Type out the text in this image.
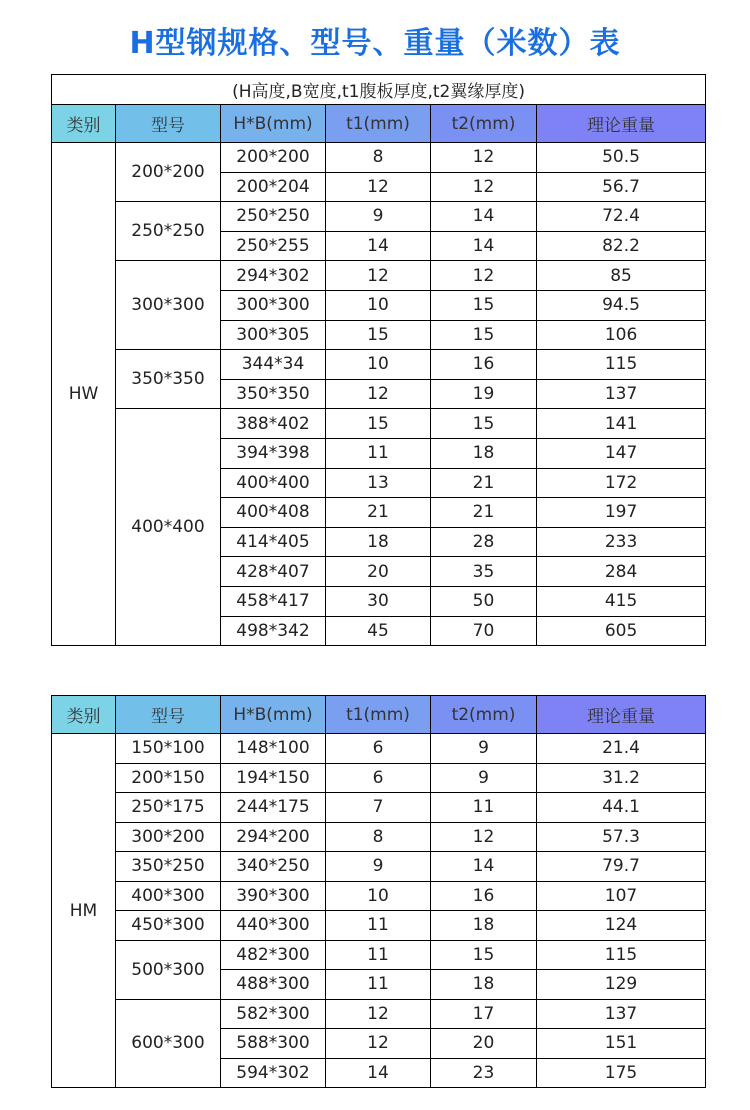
H型钢规格、型号、重量（米数）表
(H高度,B宽度,t1腹板厚度,t2翼缘厚度)					
类别	型号	H*B(mm)	t1(mm)	t2(mm)	理论重量
HW	200*200	200*200	8	12	50.5
		200*204	12	12	56.7
	250*250	250*250	9	14	72.4
		250*255	14	14	82.2
	300*300	294*302	12	12	85
		300*300	10	15	94.5
		300*305	15	15	106
	350*350	344*34	10	16	115
		350*350	12	19	137
	400*400	388*402	15	15	141
		394*398	11	18	147
		400*400	13	21	172
		400*408	21	21	197
		414*405	18	28	233
		428*407	20	35	284
		458*417	30	50	415
		498*342	45	70	605
类别	型号	H*B(mm)	t1(mm)	t2(mm)	理论重量
HM	150*100	148*100	6	9	21.4
	200*150	194*150	6	9	31.2
	250*175	244*175	7	11	44.1
	300*200	294*200	8	12	57.3
	350*250	340*250	9	14	79.7
	400*300	390*300	10	16	107
	450*300	440*300	11	18	124
	500*300	482*300	11	15	115
		488*300	11	18	129
	600*300	582*300	12	17	137
		588*300	12	20	151
		594*302	14	23	175
